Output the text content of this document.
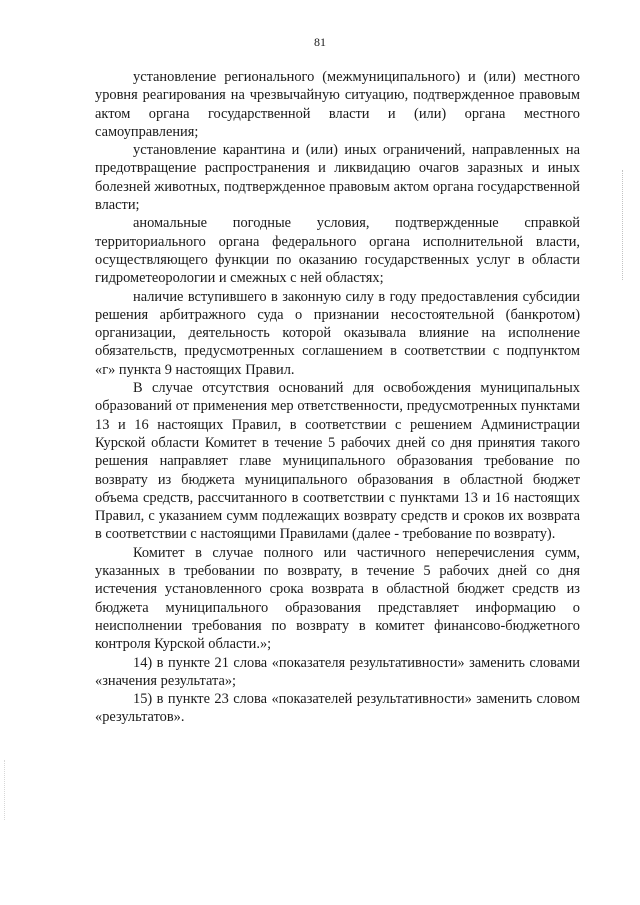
81

установление регионального (межмуниципального) и (или) местного уровня реагирования на чрезвычайную ситуацию, подтвержденное правовым актом органа государственной власти и (или) органа местного самоуправления;

установление карантина и (или) иных ограничений, направленных на предотвращение распространения и ликвидацию очагов заразных и иных болезней животных, подтвержденное правовым актом органа государственной власти;

аномальные погодные условия, подтвержденные справкой территориального органа федерального органа исполнительной власти, осуществляющего функции по оказанию государственных услуг в области гидрометеорологии и смежных с ней областях;

наличие вступившего в законную силу в году предоставления субсидии решения арбитражного суда о признании несостоятельной (банкротом) организации, деятельность которой оказывала влияние на исполнение обязательств, предусмотренных соглашением в соответствии с подпунктом «г» пункта 9 настоящих Правил.

В случае отсутствия оснований для освобождения муниципальных образований от применения мер ответственности, предусмотренных пунктами 13 и 16 настоящих Правил, в соответствии с решением Администрации Курской области Комитет в течение 5 рабочих дней со дня принятия такого решения направляет главе муниципального образования требование по возврату из бюджета муниципального образования в областной бюджет объема средств, рассчитанного в соответствии с пунктами 13 и 16 настоящих Правил, с указанием сумм подлежащих возврату средств и сроков их возврата в соответствии с настоящими Правилами (далее - требование по возврату).

Комитет в случае полного или частичного неперечисления сумм, указанных в требовании по возврату, в течение 5 рабочих дней со дня истечения установленного срока возврата в областной бюджет средств из бюджета муниципального образования представляет информацию о неисполнении требования по возврату в комитет финансово-бюджетного контроля Курской области.»;

14) в пункте 21 слова «показателя результативности» заменить словами «значения результата»;

15) в пункте 23 слова «показателей результативности» заменить словом «результатов».
